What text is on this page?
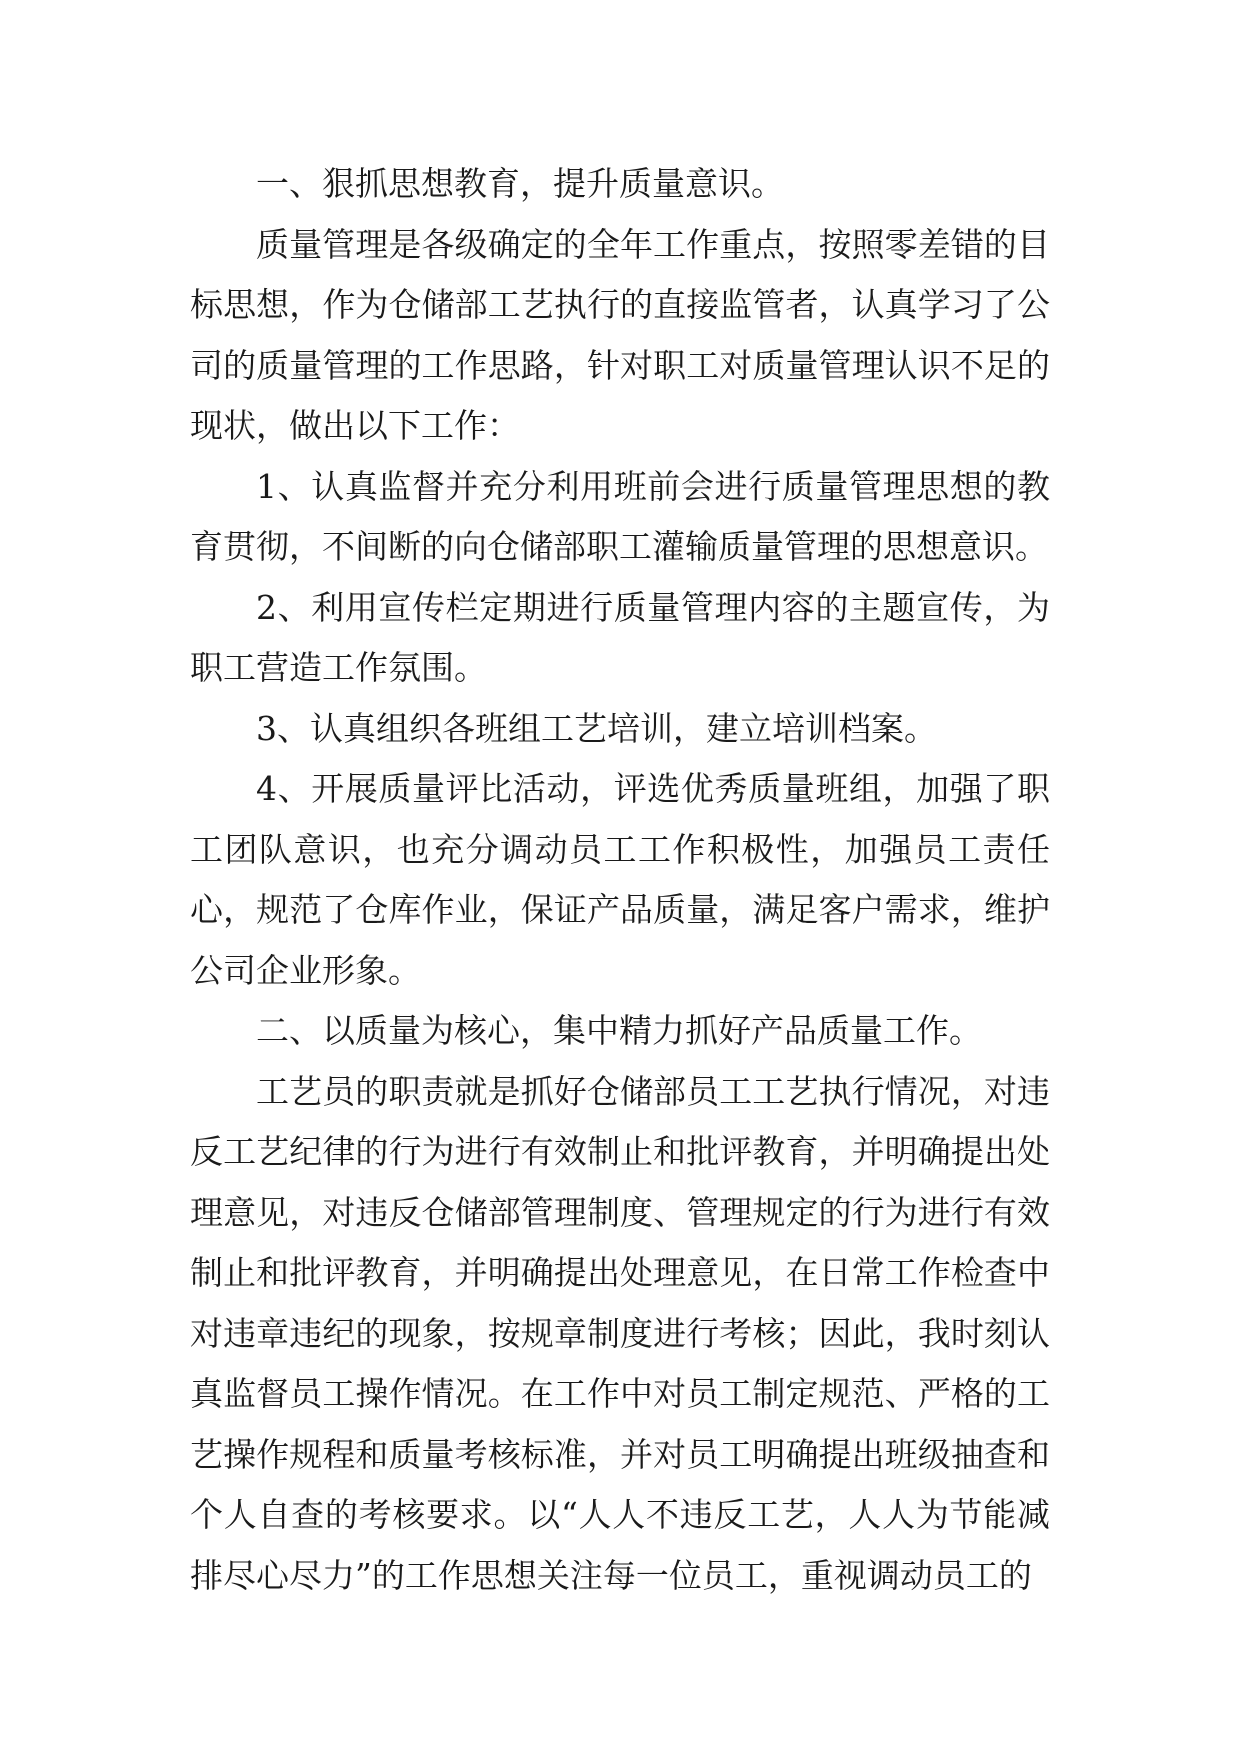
一、狠抓思想教育，提升质量意识。

质量管理是各级确定的全年工作重点，按照零差错的目标思想，作为仓储部工艺执行的直接监管者，认真学习了公司的质量管理的工作思路，针对职工对质量管理认识不足的现状，做出以下工作：

1、认真监督并充分利用班前会进行质量管理思想的教育贯彻，不间断的向仓储部职工灌输质量管理的思想意识。

2、利用宣传栏定期进行质量管理内容的主题宣传，为职工营造工作氛围。

3、认真组织各班组工艺培训，建立培训档案。

4、开展质量评比活动，评选优秀质量班组，加强了职工团队意识，也充分调动员工工作积极性，加强员工责任心，规范了仓库作业，保证产品质量，满足客户需求，维护公司企业形象。

二、以质量为核心，集中精力抓好产品质量工作。

工艺员的职责就是抓好仓储部员工工艺执行情况，对违反工艺纪律的行为进行有效制止和批评教育，并明确提出处理意见，对违反仓储部管理制度、管理规定的行为进行有效制止和批评教育，并明确提出处理意见，在日常工作检查中对违章违纪的现象，按规章制度进行考核；因此，我时刻认真监督员工操作情况。在工作中对员工制定规范、严格的工艺操作规程和质量考核标准，并对员工明确提出班级抽查和个人自查的考核要求。以“人人不违反工艺，人人为节能减排尽心尽力”的工作思想关注每一位员工，重视调动员工的
